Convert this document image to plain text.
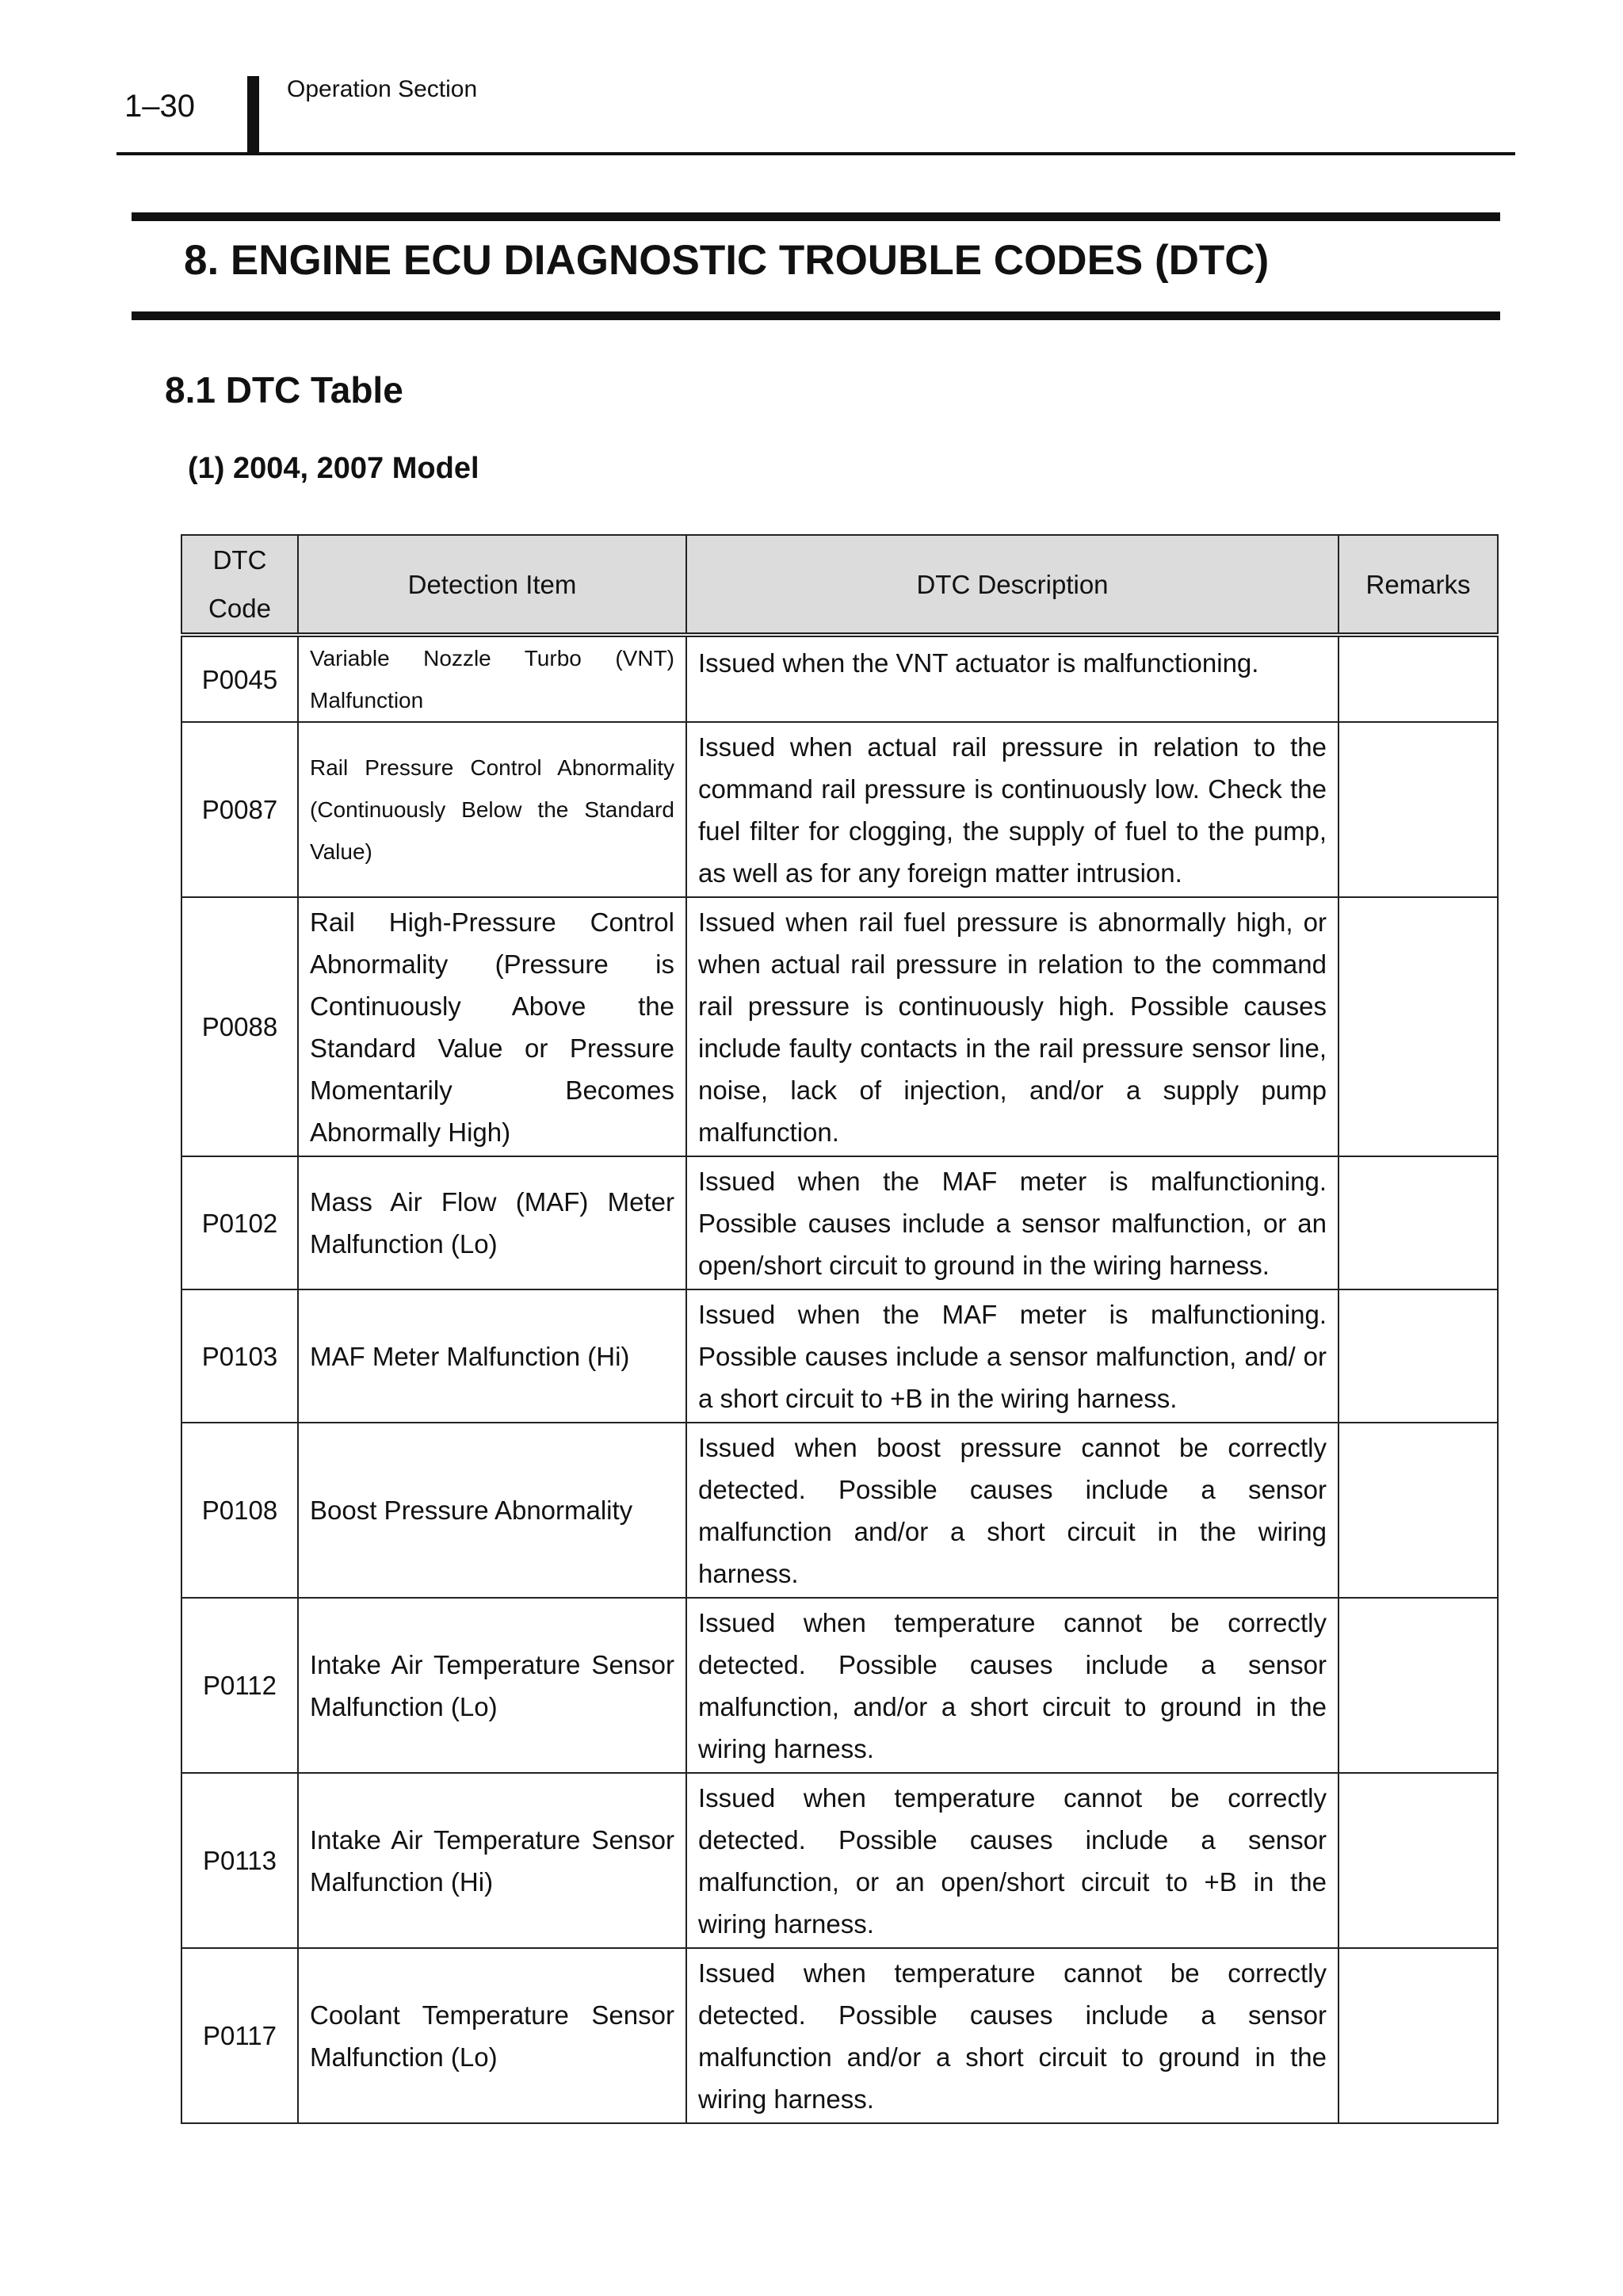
1–30	Operation Section
8. ENGINE ECU DIAGNOSTIC TROUBLE CODES (DTC)
8.1 DTC Table
(1) 2004, 2007 Model
DTC
Code	Detection Item	DTC Description	Remarks
P0045	Variable Nozzle Turbo (VNT) Malfunction	Issued when the VNT actuator is malfunctioning.	
P0087	Rail Pressure Control Abnormality (Continuously Below the Standard Value)	Issued when actual rail pressure in relation to the command rail pressure is continuously low. Check the fuel filter for clogging, the supply of fuel to the pump, as well as for any foreign matter intrusion.	
P0088	Rail High-Pressure Control Abnormality (Pressure is Continuously Above the Standard Value or Pressure Momentarily Becomes Abnormally High)	Issued when rail fuel pressure is abnormally high, or when actual rail pressure in relation to the command rail pressure is continuously high. Possible causes include faulty contacts in the rail pressure sensor line, noise, lack of injection, and/or a supply pump malfunction.	
P0102	Mass Air Flow (MAF) Meter Malfunction (Lo)	Issued when the MAF meter is malfunctioning. Possible causes include a sensor malfunction, or an open/short circuit to ground in the wiring harness.	
P0103	MAF Meter Malfunction (Hi)	Issued when the MAF meter is malfunctioning. Possible causes include a sensor malfunction, and/ or a short circuit to +B in the wiring harness.	
P0108	Boost Pressure Abnormality	Issued when boost pressure cannot be correctly detected. Possible causes include a sensor malfunction and/or a short circuit in the wiring harness.	
P0112	Intake Air Temperature Sensor Malfunction (Lo)	Issued when temperature cannot be correctly detected. Possible causes include a sensor malfunction, and/or a short circuit to ground in the wiring harness.	
P0113	Intake Air Temperature Sensor Malfunction (Hi)	Issued when temperature cannot be correctly detected. Possible causes include a sensor malfunction, or an open/short circuit to +B in the wiring harness.	
P0117	Coolant Temperature Sensor Malfunction (Lo)	Issued when temperature cannot be correctly detected. Possible causes include a sensor malfunction and/or a short circuit to ground in the wiring harness.	
